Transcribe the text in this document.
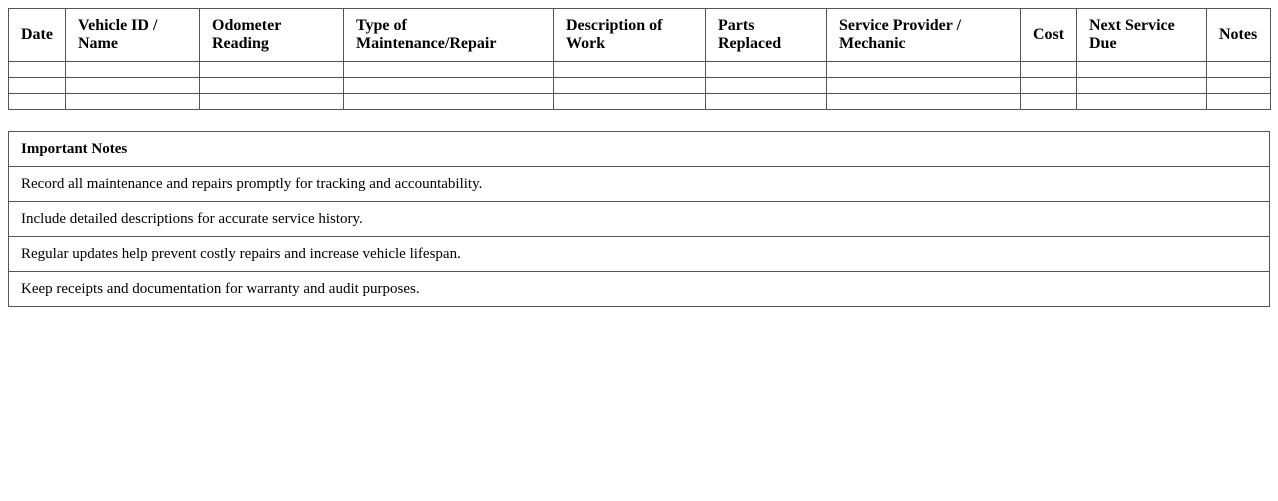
Date	Vehicle ID / Name	Odometer Reading	Type of Maintenance/Repair	Description of Work	Parts Replaced	Service Provider / Mechanic	Cost	Next Service Due	Notes

Important Notes
Record all maintenance and repairs promptly for tracking and accountability.
Include detailed descriptions for accurate service history.
Regular updates help prevent costly repairs and increase vehicle lifespan.
Keep receipts and documentation for warranty and audit purposes.
